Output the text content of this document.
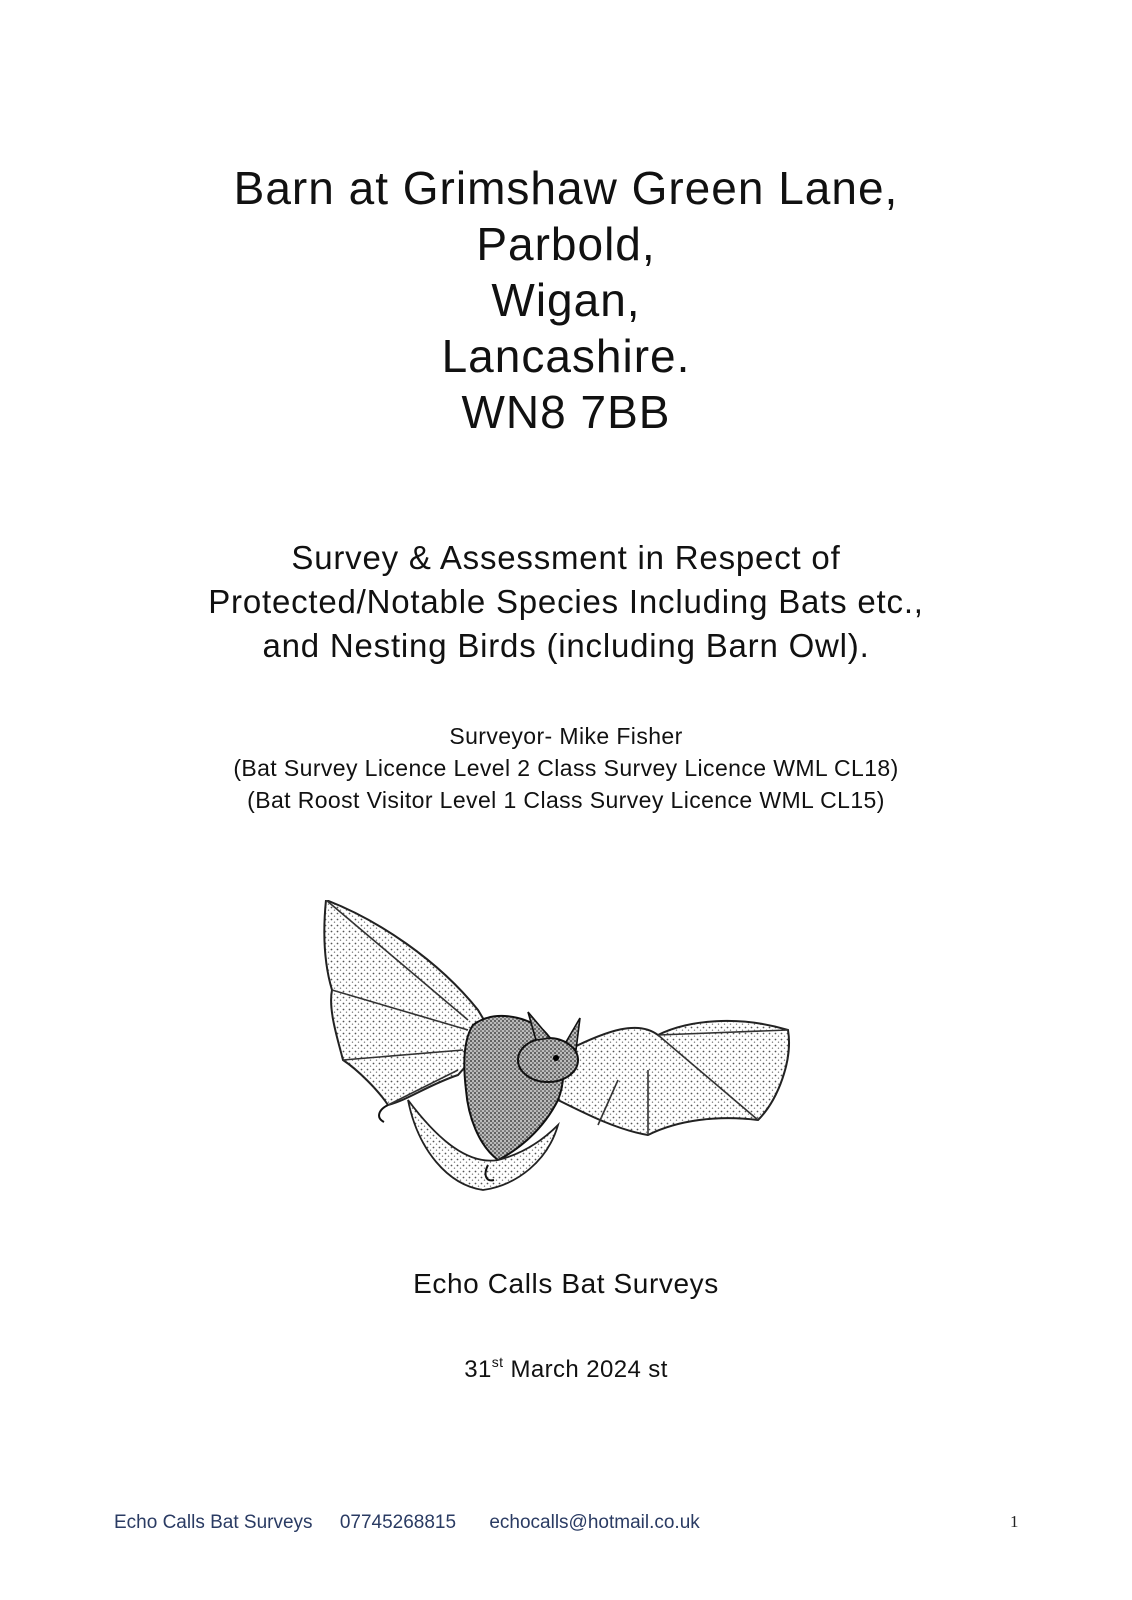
Barn at Grimshaw Green Lane,
Parbold,
Wigan,
Lancashire.
WN8 7BB
Survey & Assessment in Respect of
Protected/Notable Species Including Bats etc.,
and Nesting Birds (including Barn Owl).
Surveyor- Mike Fisher
(Bat Survey Licence Level 2 Class Survey Licence WML CL18)
(Bat Roost Visitor Level 1 Class Survey Licence WML CL15)
Echo Calls Bat Surveys
31st March 2024 st
Echo Calls Bat Surveys 07745268815 echocalls@hotmail.co.uk	1
